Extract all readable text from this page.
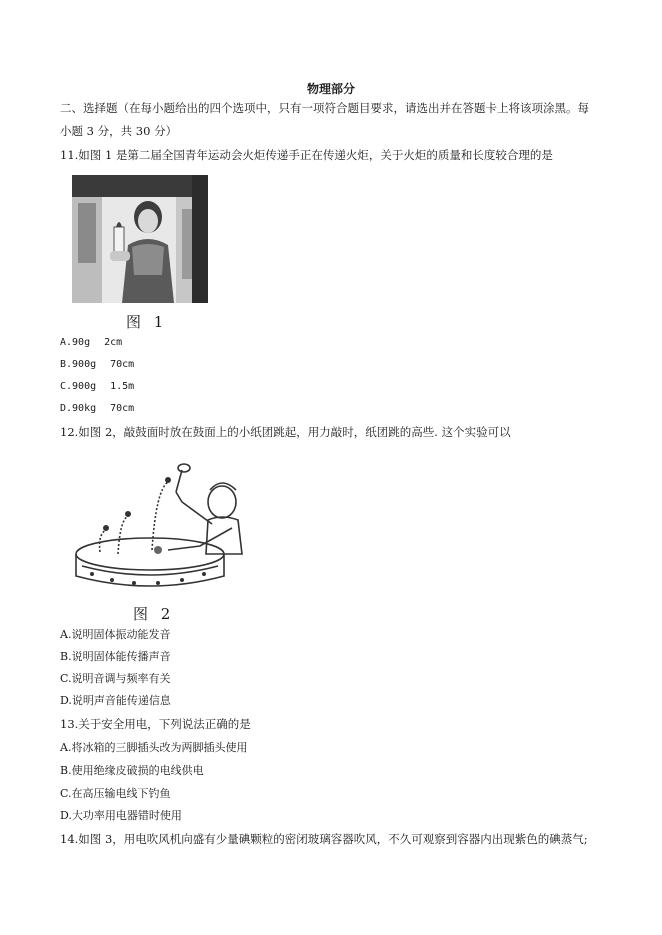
物理部分
二、选择题（在每小题给出的四个选项中，只有一项符合题目要求，请选出并在答题卡上将该项涂黑。每
小题 3 分，共 30 分）
11.如图 1 是第二届全国青年运动会火炬传递手正在传递火炬，关于火炬的质量和长度较合理的是
图 1
A.90g 2cm
B.900g 70cm
C.900g 1.5m
D.90kg 70cm
12.如图 2，敲鼓面时放在鼓面上的小纸团跳起，用力敲时，纸团跳的高些. 这个实验可以
图 2
A.说明固体振动能发音
B.说明固体能传播声音
C.说明音调与频率有关
D.说明声音能传递信息
13.关于安全用电，下列说法正确的是
A.将冰箱的三脚插头改为两脚插头使用
B.使用绝缘皮破损的电线供电
C.在高压输电线下钓鱼
D.大功率用电器错时使用
14.如图 3，用电吹风机向盛有少量碘颗粒的密闭玻璃容器吹风，不久可观察到容器内出现紫色的碘蒸气;
